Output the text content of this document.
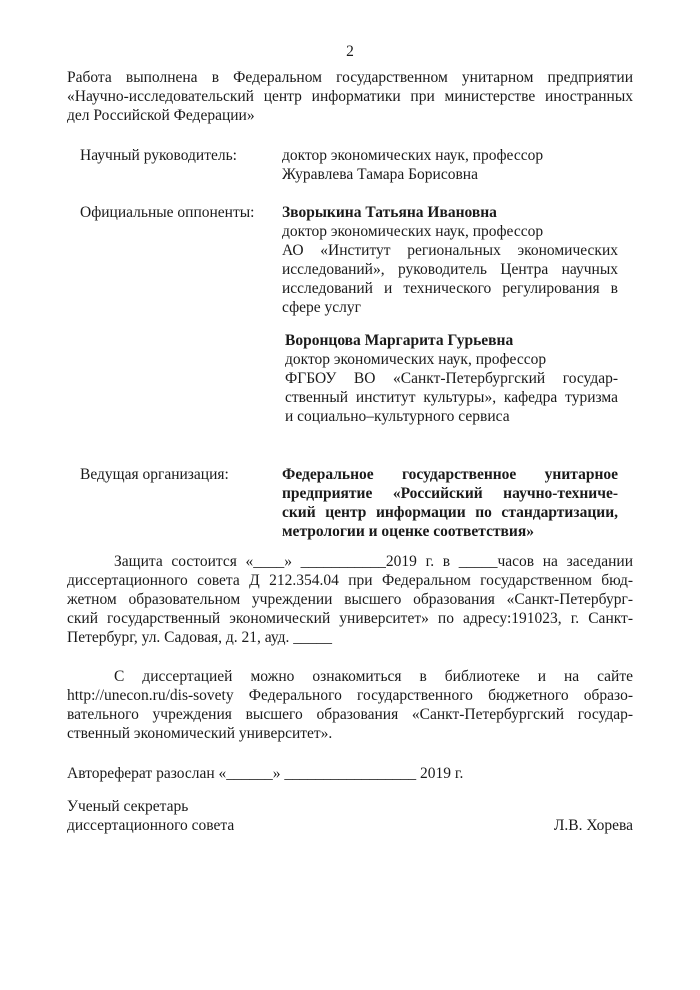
2
Работа выполнена в Федеральном государственном унитарном предприятии
«Научно-исследовательский центр информатики при министерстве иностранных
дел Российской Федерации»
Научный руководитель:	доктор экономических наук, профессор
Журавлева Тамара Борисовна
Официальные оппоненты: Зворыкина Татьяна Ивановна
доктор экономических наук, профессор
АО «Институт региональных экономических
исследований», руководитель Центра научных
исследований и технического регулирования в
сфере услуг
Воронцова Маргарита Гурьевна
доктор экономических наук, профессор
ФГБОУ ВО «Санкт-Петербургский государ-
ственный институт культуры», кафедра туризма
и социально–культурного сервиса
Ведущая организация:	Федеральное государственное унитарное
предприятие «Российский научно-техниче-
ский центр информации по стандартизации,
метрологии и оценке соответствия»
Защита состоится «____» ___________2019 г. в _____часов на заседании
диссертационного совета Д 212.354.04 при Федеральном государственном бюд-
жетном образовательном учреждении высшего образования «Санкт-Петербург-
ский государственный экономический университет» по адресу:191023, г. Санкт-
Петербург, ул. Садовая, д. 21, ауд. _____
С диссертацией можно ознакомиться в библиотеке и на сайте
http://unecon.ru/dis-sovety Федерального государственного бюджетного образо-
вательного учреждения высшего образования «Санкт-Петербургский государ-
ственный экономический университет».
Автореферат разослан «______» _________________ 2019 г.
Ученый секретарь
диссертационного совета	Л.В. Хорева
